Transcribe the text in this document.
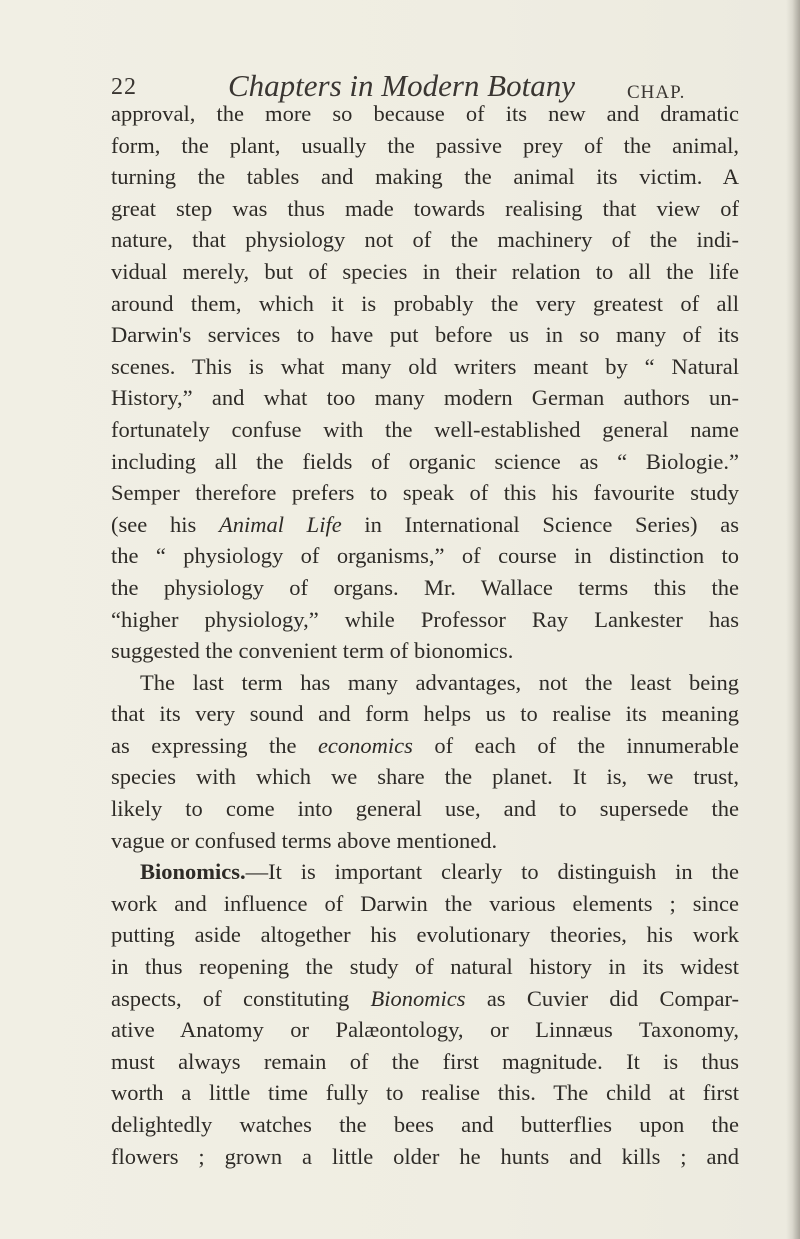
22	Chapters in Modern Botany	CHAP.
approval, the more so because of its new and dramatic
form, the plant, usually the passive prey of the animal,
turning the tables and making the animal its victim. A
great step was thus made towards realising that view of
nature, that physiology not of the machinery of the indi-
vidual merely, but of species in their relation to all the life
around them, which it is probably the very greatest of all
Darwin's services to have put before us in so many of its
scenes. This is what many old writers meant by “ Natural
History,” and what too many modern German authors un-
fortunately confuse with the well-established general name
including all the fields of organic science as “ Biologie.”
Semper therefore prefers to speak of this his favourite study
(see his Animal Life in International Science Series) as
the “ physiology of organisms,” of course in distinction to
the physiology of organs. Mr. Wallace terms this the
“higher physiology,” while Professor Ray Lankester has
suggested the convenient term of bionomics.
The last term has many advantages, not the least being
that its very sound and form helps us to realise its meaning
as expressing the economics of each of the innumerable
species with which we share the planet. It is, we trust,
likely to come into general use, and to supersede the
vague or confused terms above mentioned.
Bionomics.—It is important clearly to distinguish in the
work and influence of Darwin the various elements ; since
putting aside altogether his evolutionary theories, his work
in thus reopening the study of natural history in its widest
aspects, of constituting Bionomics as Cuvier did Compar-
ative Anatomy or Palæontology, or Linnæus Taxonomy,
must always remain of the first magnitude. It is thus
worth a little time fully to realise this. The child at first
delightedly watches the bees and butterflies upon the
flowers ; grown a little older he hunts and kills ; and
